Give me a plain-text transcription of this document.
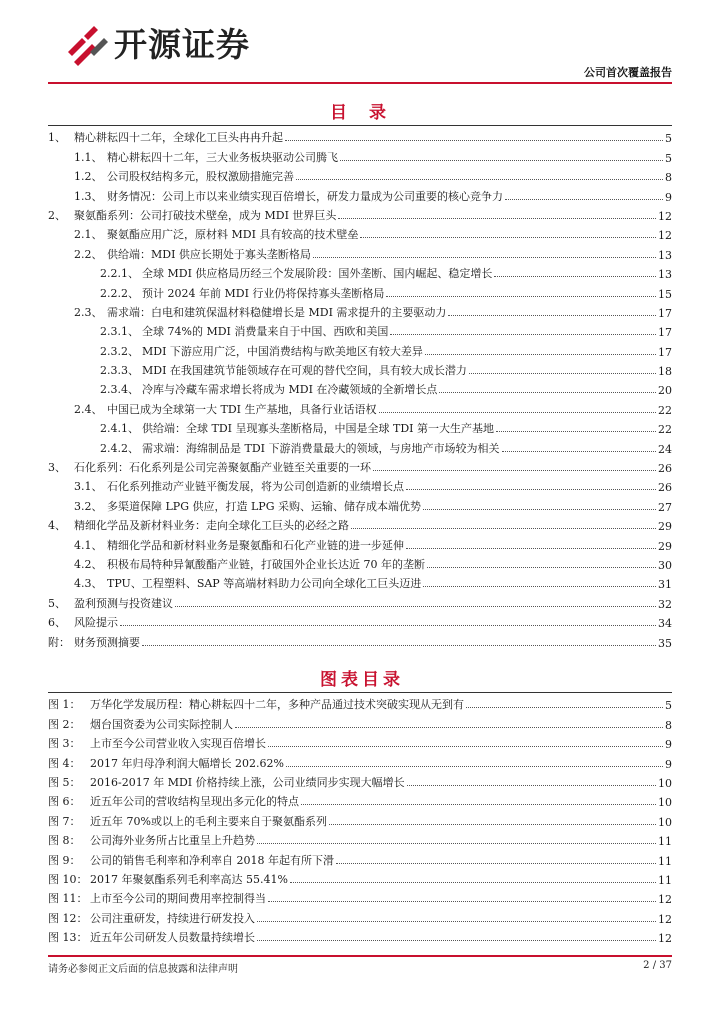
开源证券
公司首次覆盖报告
目 录
1、 精心耕耘四十二年，全球化工巨头冉冉升起	5
1.1、 精心耕耘四十二年，三大业务板块驱动公司腾飞	5
1.2、 公司股权结构多元，股权激励措施完善	8
1.3、 财务情况：公司上市以来业绩实现百倍增长，研发力量成为公司重要的核心竞争力	9
2、 聚氨酯系列：公司打破技术壁垒，成为 MDI 世界巨头	12
2.1、 聚氨酯应用广泛，原材料 MDI 具有较高的技术壁垒	12
2.2、 供给端：MDI 供应长期处于寡头垄断格局	13
2.2.1、 全球 MDI 供应格局历经三个发展阶段：国外垄断、国内崛起、稳定增长	13
2.2.2、 预计 2024 年前 MDI 行业仍将保持寡头垄断格局	15
2.3、 需求端：白电和建筑保温材料稳健增长是 MDI 需求提升的主要驱动力	17
2.3.1、 全球 74%的 MDI 消费量来自于中国、西欧和美国	17
2.3.2、 MDI 下游应用广泛，中国消费结构与欧美地区有较大差异	17
2.3.3、 MDI 在我国建筑节能领域存在可观的替代空间，具有较大成长潜力	18
2.3.4、 冷库与冷藏车需求增长将成为 MDI 在冷藏领域的全新增长点	20
2.4、 中国已成为全球第一大 TDI 生产基地，具备行业话语权	22
2.4.1、 供给端：全球 TDI 呈现寡头垄断格局，中国是全球 TDI 第一大生产基地	22
2.4.2、 需求端：海绵制品是 TDI 下游消费量最大的领域，与房地产市场较为相关	24
3、 石化系列：石化系列是公司完善聚氨酯产业链至关重要的一环	26
3.1、 石化系列推动产业链平衡发展，将为公司创造新的业绩增长点	26
3.2、 多渠道保障 LPG 供应，打造 LPG 采购、运输、储存成本端优势	27
4、 精细化学品及新材料业务：走向全球化工巨头的必经之路	29
4.1、 精细化学品和新材料业务是聚氨酯和石化产业链的进一步延伸	29
4.2、 积极布局特种异氰酸酯产业链，打破国外企业长达近 70 年的垄断	30
4.3、 TPU、工程塑料、SAP 等高端材料助力公司向全球化工巨头迈进	31
5、 盈利预测与投资建议	32
6、 风险提示	34
附： 财务预测摘要	35
图表目录
图 1： 万华化学发展历程：精心耕耘四十二年，多种产品通过技术突破实现从无到有	5
图 2： 烟台国资委为公司实际控制人	8
图 3： 上市至今公司营业收入实现百倍增长	9
图 4： 2017 年归母净利润大幅增长 202.62%	9
图 5： 2016-2017 年 MDI 价格持续上涨，公司业绩同步实现大幅增长	10
图 6： 近五年公司的营收结构呈现出多元化的特点	10
图 7： 近五年 70%或以上的毛利主要来自于聚氨酯系列	10
图 8： 公司海外业务所占比重呈上升趋势	11
图 9： 公司的销售毛利率和净利率自 2018 年起有所下滑	11
图 10： 2017 年聚氨酯系列毛利率高达 55.41%	11
图 11： 上市至今公司的期间费用率控制得当	12
图 12： 公司注重研发，持续进行研发投入	12
图 13： 近五年公司研发人员数量持续增长	12
请务必参阅正文后面的信息披露和法律声明	2 / 37
